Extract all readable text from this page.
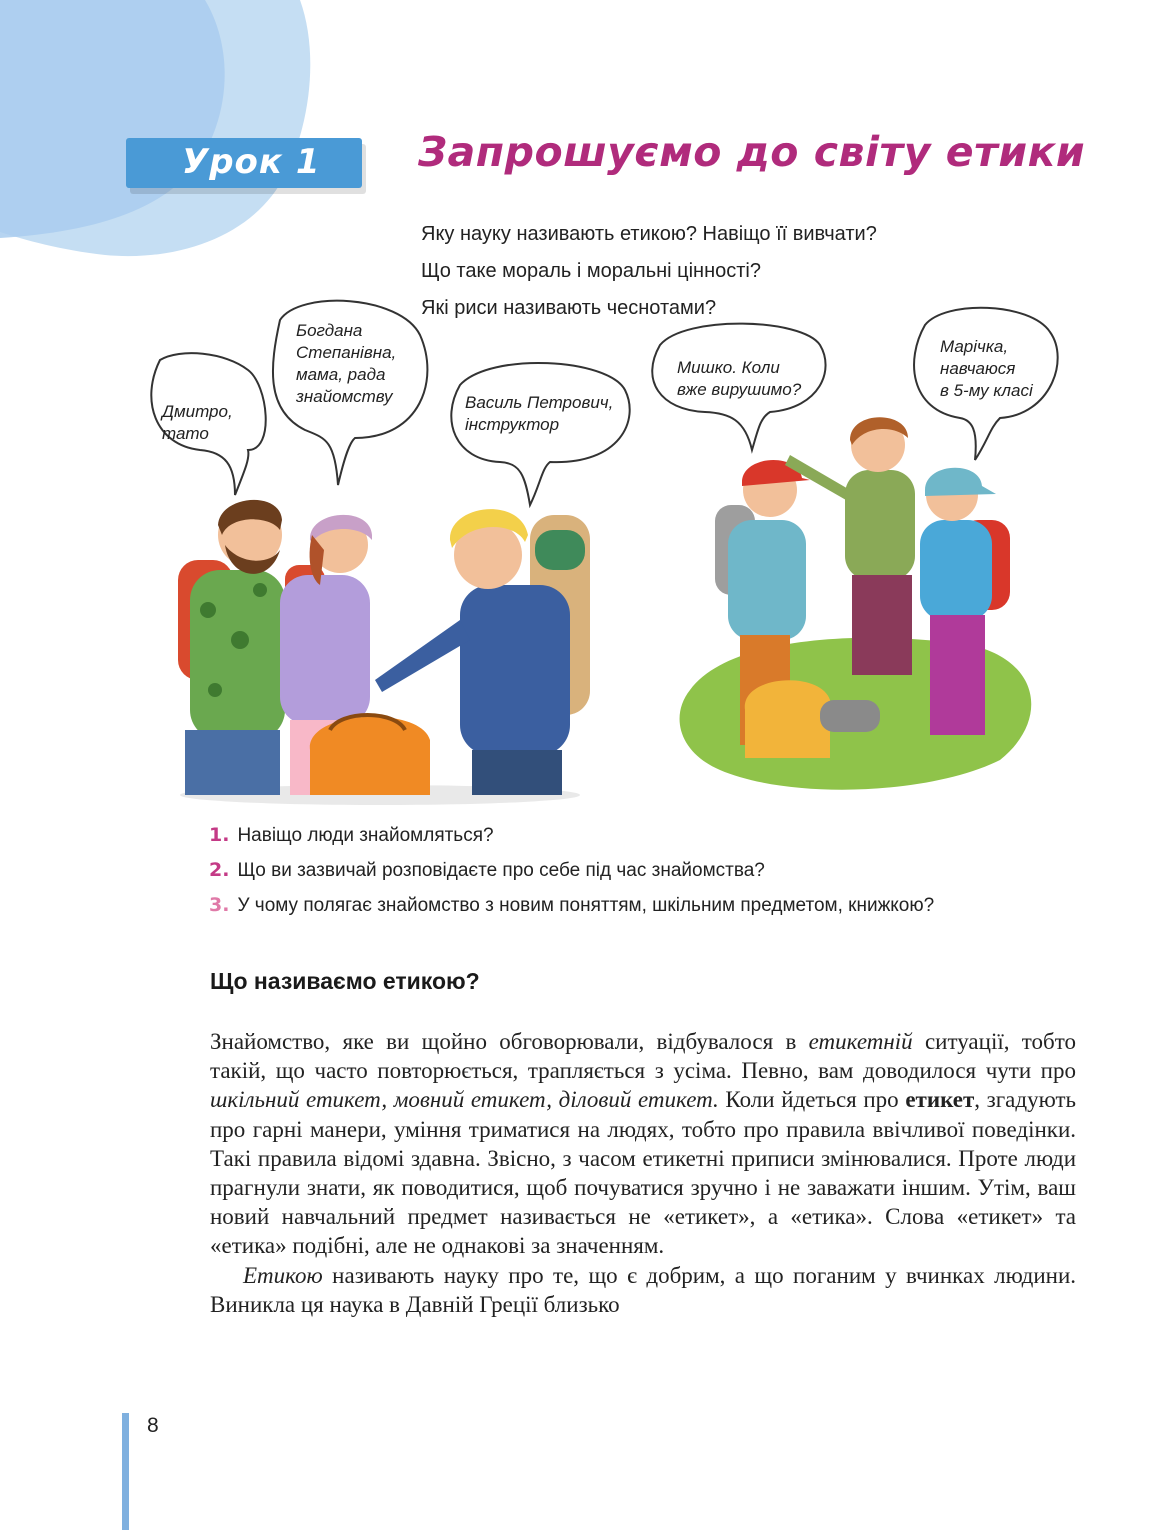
Урок 1 Запрошуємо до світу етики
Яку науку називають етикою? Навіщо її вивчати?
Що таке мораль і моральні цінності?
Які риси називають чеснотами?
Дмитро,
тато
Богдана
Степанівна,
мама, рада
знайомству	Василь Петрович,
інструктор
Мишко. Коли
вже вирушимо?
Марічка,
навчаюся
в 5-му класі
1. Навіщо люди знайомляться?
2. Що ви зазвичай розповідаєте про себе під час знайомства?
3. У чому полягає знайомство з новим поняттям, шкільним предметом, книжкою?
Що називаємо етикою?

Знайомство, яке ви щойно обговорювали, відбувалося в етикетній ситуації, тобто такій, що часто повторюється, трапляється з усіма. Певно, вам доводилося чути про шкільний етикет, мовний етикет, діловий етикет. Коли йдеться про етикет, згадують про гарні манери, уміння триматися на людях, тобто про правила ввічливої поведінки. Такі правила відомі здавна. Звісно, з часом етикетні приписи змінювалися. Проте люди прагнули знати, як поводитися, щоб почуватися зручно і не заважати іншим. Утім, ваш новий навчальний предмет називається не «етикет», а «етика». Слова «етикет» та «етика» подібні, але не однакові за значенням.

Етикою називають науку про те, що є добрим, а що поганим у вчинках людини. Виникла ця наука в Давній Греції близько

8
